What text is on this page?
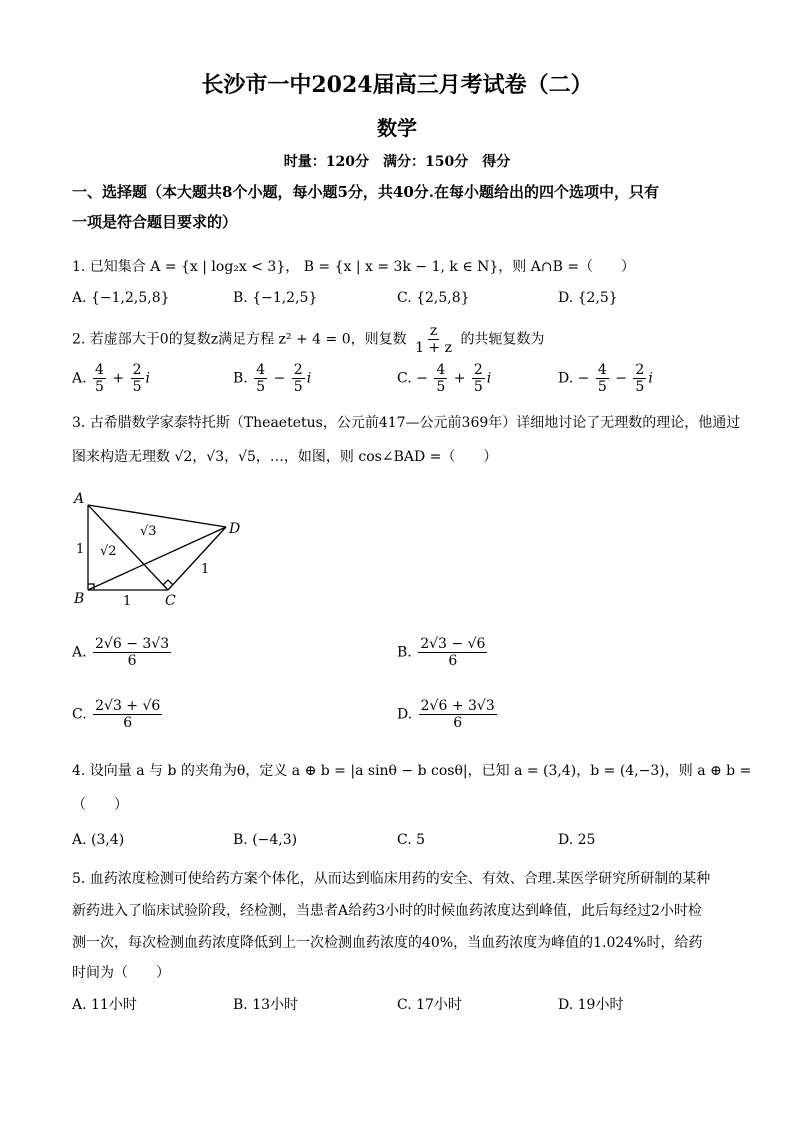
长沙市一中2024届高三月考试卷（二）
数学
时量：120分　满分：150分　得分
一、选择题（本大题共8个小题，每小题5分，共40分.在每小题给出的四个选项中，只有
一项是符合题目要求的）
1. 已知集合 A = {x | log₂x < 3}， B = {x | x = 3k − 1, k ∈ N}，则 A∩B =（　　）
A. {−1,2,5,8}	B. {−1,2,5}	C. {2,5,8}	D. {2,5}
2. 若虚部大于0的复数z满足方程 z² + 4 = 0，则复数 $\frac{z}{1 + z}$ 的共轭复数为
A. $\frac{4}{5} + \frac{2}{5}$ i	B. $\frac{4}{5} - \frac{2}{5}$ i	C. − $\frac{4}{5} + \frac{2}{5}$ i	D. − $\frac{4}{5} - \frac{2}{5}$ i
3. 古希腊数学家泰特托斯（Theaetetus，公元前417—公元前369年）详细地讨论了无理数的理论，他通过
图来构造无理数 √2，√3，√5，…，如图，则 cos∠BAD =（　　）
A
B	C
D
1
1
1
√2
√3
A. $\frac{2√6 - 3√3}{6}$	B. $\frac{2√3 - √6}{6}$
C. $\frac{2√3 + √6}{6}$	D. $\frac{2√6 + 3√3}{6}$
4. 设向量 a 与 b 的夹角为θ，定义 a ⊕ b = |a sinθ − b cosθ|，已知 a = (3,4)，b = (4,−3)，则 a ⊕ b =
（　　）
A. (3,4)	B. (−4,3)	C. 5	D. 25
5. 血药浓度检测可使给药方案个体化，从而达到临床用药的安全、有效、合理.某医学研究所研制的某种
新药进入了临床试验阶段，经检测，当患者A给药3小时的时候血药浓度达到峰值，此后每经过2小时检
测一次，每次检测血药浓度降低到上一次检测血药浓度的40%，当血药浓度为峰值的1.024%时，给药
时间为（　　）
A. 11小时	B. 13小时	C. 17小时	D. 19小时
